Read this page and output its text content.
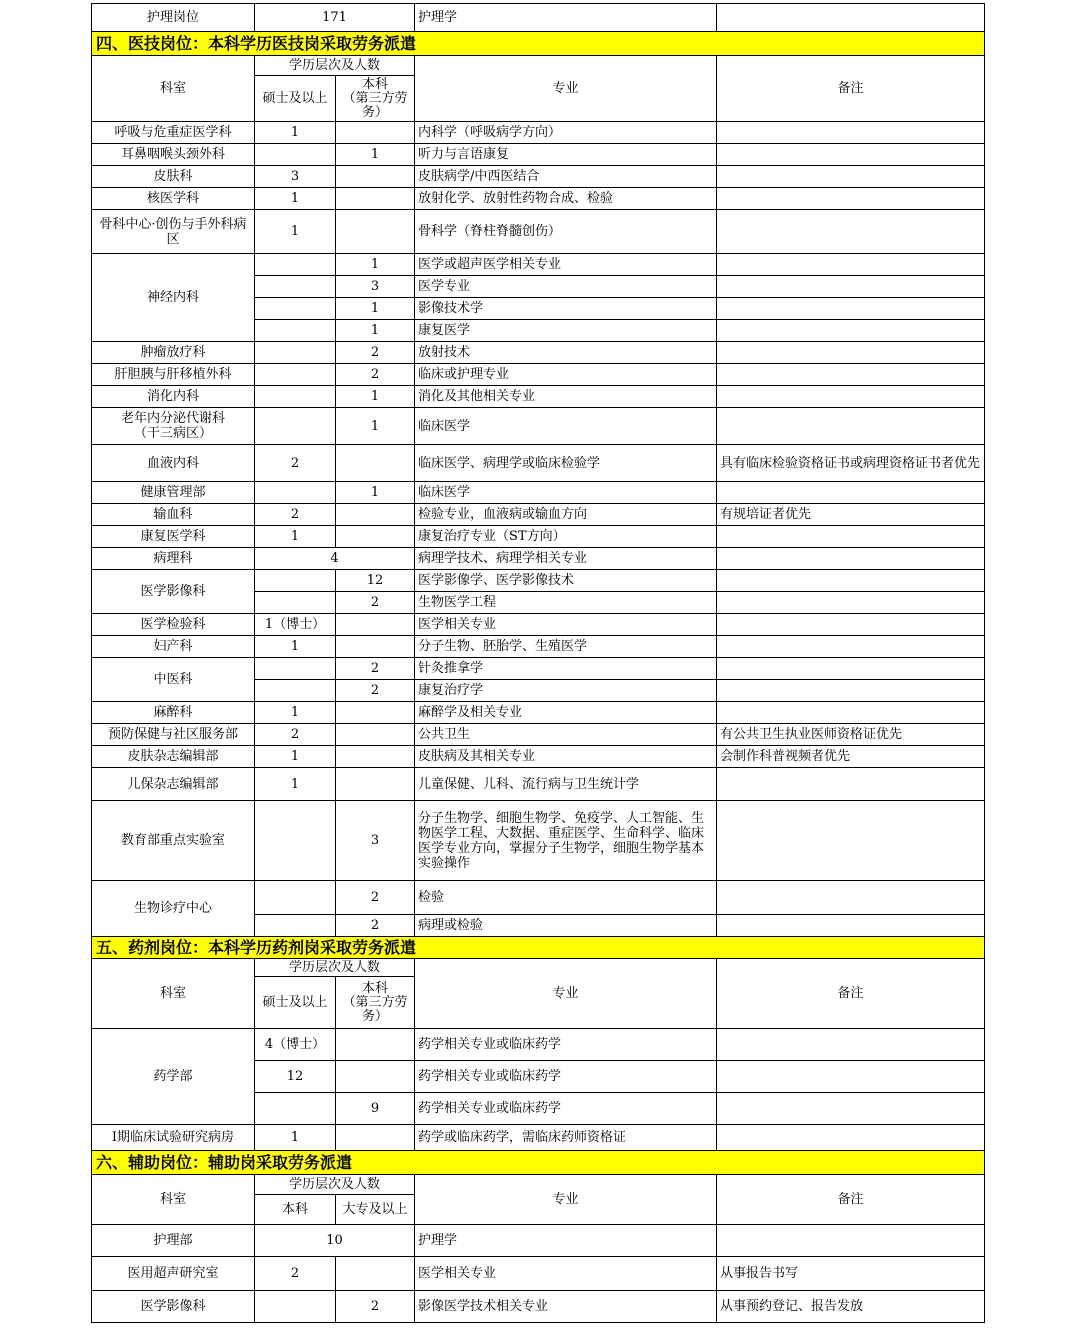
护理岗位	171		护理学	
四、医技岗位：本科学历医技岗采取劳务派遣				
科室	学历层次及人数		专业	备注
	硕士及以上	本科
（第三方劳
务）		
呼吸与危重症医学科	1		内科学（呼吸病学方向）	
耳鼻咽喉头颈外科		1	听力与言语康复	
皮肤科	3		皮肤病学/中西医结合	
核医学科	1		放射化学、放射性药物合成、检验	
骨科中心·创伤与手外科病区	1		骨科学（脊柱脊髓创伤）	
神经内科		1	医学或超声医学相关专业	
		3	医学专业	
		1	影像技术学	
		1	康复医学	
肿瘤放疗科		2	放射技术	
肝胆胰与肝移植外科		2	临床或护理专业	
消化内科		1	消化及其他相关专业	
老年内分泌代谢科
（干三病区）		1	临床医学	
血液内科	2		临床医学、病理学或临床检验学	具有临床检验资格证书或病理资格证书者优先
健康管理部		1	临床医学	
输血科	2		检验专业，血液病或输血方向	有规培证者优先
康复医学科	1		康复治疗专业（ST方向）	
病理科	4		病理学技术、病理学相关专业	
医学影像科		12	医学影像学、医学影像技术	
		2	生物医学工程	
医学检验科	1（博士）		医学相关专业	
妇产科	1		分子生物、胚胎学、生殖医学	
中医科		2	针灸推拿学	
		2	康复治疗学	
麻醉科	1		麻醉学及相关专业	
预防保健与社区服务部	2		公共卫生	有公共卫生执业医师资格证优先
皮肤杂志编辑部	1		皮肤病及其相关专业	会制作科普视频者优先
儿保杂志编辑部	1		儿童保健、儿科、流行病与卫生统计学	
教育部重点实验室		3	分子生物学、细胞生物学、免疫学、人工智能、生物医学工程、大数据、重症医学、生命科学、临床医学专业方向，掌握分子生物学，细胞生物学基本实验操作	
生物诊疗中心		2	检验	
		2	病理或检验	
五、药剂岗位：本科学历药剂岗采取劳务派遣				
科室	学历层次及人数		专业	备注
	硕士及以上	本科
（第三方劳
务）		
药学部	4（博士）		药学相关专业或临床药学	
	12		药学相关专业或临床药学	
		9	药学相关专业或临床药学	
Ⅰ期临床试验研究病房	1		药学或临床药学，需临床药师资格证	
六、辅助岗位：辅助岗采取劳务派遣				
科室	学历层次及人数		专业	备注
	本科	大专及以上		
护理部	10		护理学	
医用超声研究室	2		医学相关专业	从事报告书写
医学影像科		2	影像医学技术相关专业	从事预约登记、报告发放
